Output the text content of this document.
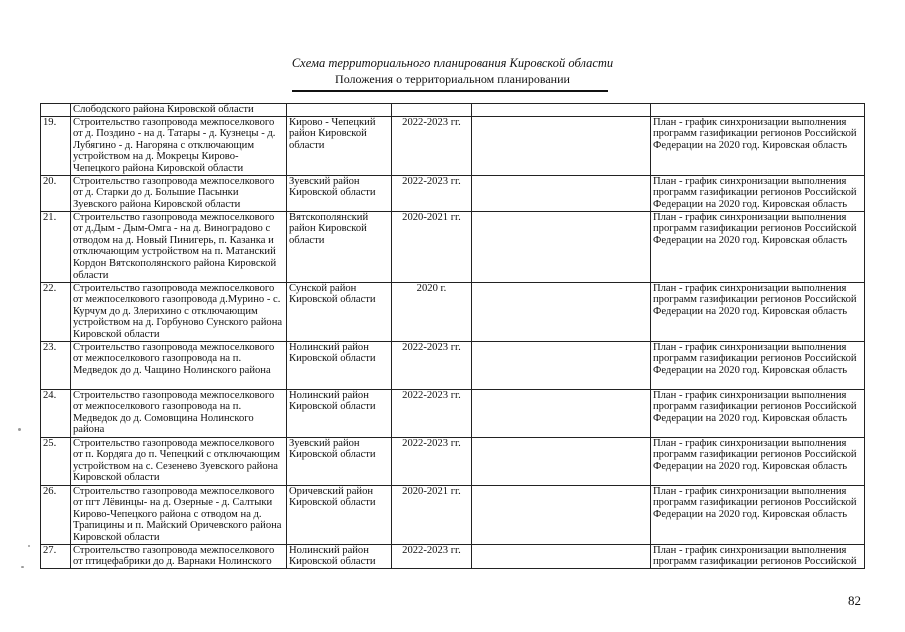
Схема территориального планирования Кировской области
Положения о территориальном планировании
	Слободского района Кировской области				
19.	Строительство газопровода межпоселкового от д. Поздино - на д. Татары - д. Кузнецы - д. Лубягино - д. Нагоряна с отключающим устройством на д. Мокрецы Кирово-Чепецкого района Кировской области	Кирово - Чепецкий район Кировской области	2022-2023 гг.		План - график синхронизации выполнения программ газификации регионов Российской Федерации на 2020 год. Кировская область
20.	Строительство газопровода межпоселкового от д. Старки до д. Большие Пасынки Зуевского района Кировской области	Зуевский район Кировской области	2022-2023 гг.		План - график синхронизации выполнения программ газификации регионов Российской Федерации на 2020 год. Кировская область
21.	Строительство газопровода межпоселкового от д.Дым - Дым-Омга - на д. Виноградово с отводом на д. Новый Пинигерь, п. Казанка и отключающим устройством на п. Матанский Кордон Вятскополянского района Кировской области	Вятскополянский район Кировской области	2020-2021 гг.		План - график синхронизации выполнения программ газификации регионов Российской Федерации на 2020 год. Кировская область
22.	Строительство газопровода межпоселкового от межпоселкового газопровода д.Мурино - с. Курчум до д. Злерихино с отключающим устройством на д. Горбуново Сунского района Кировской области	Сунской район Кировской области	2020 г.		План - график синхронизации выполнения программ газификации регионов Российской Федерации на 2020 год. Кировская область
23.	Строительство газопровода межпоселкового от межпоселкового газопровода на п. Медведок до д. Чащино Нолинского района	Нолинский район Кировской области	2022-2023 гг.		План - график синхронизации выполнения программ газификации регионов Российской Федерации на 2020 год. Кировская область
24.	Строительство газопровода межпоселкового от межпоселкового газопровода на п. Медведок до д. Сомовщина Нолинского района	Нолинский район Кировской области	2022-2023 гг.		План - график синхронизации выполнения программ газификации регионов Российской Федерации на 2020 год. Кировская область
25.	Строительство газопровода межпоселкового от п. Кордяга до п. Чепецкий с отключающим устройством на с. Сезенево Зуевского района Кировской области	Зуевский район Кировской области	2022-2023 гг.		План - график синхронизации выполнения программ газификации регионов Российской Федерации на 2020 год. Кировская область
26.	Строительство газопровода межпоселкового от пгт Лёвинцы- на д. Озерные - д. Салтыки Кирово-Чепецкого района с отводом на д. Трапицины и п. Майский Оричевского района Кировской области	Оричевский район Кировской области	2020-2021 гг.		План - график синхронизации выполнения программ газификации регионов Российской Федерации на 2020 год. Кировская область
27.	Строительство газопровода межпоселкового от птицефабрики до д. Варнаки Нолинского	Нолинский район Кировской области	2022-2023 гг.		План - график синхронизации выполнения программ газификации регионов Российской
82
